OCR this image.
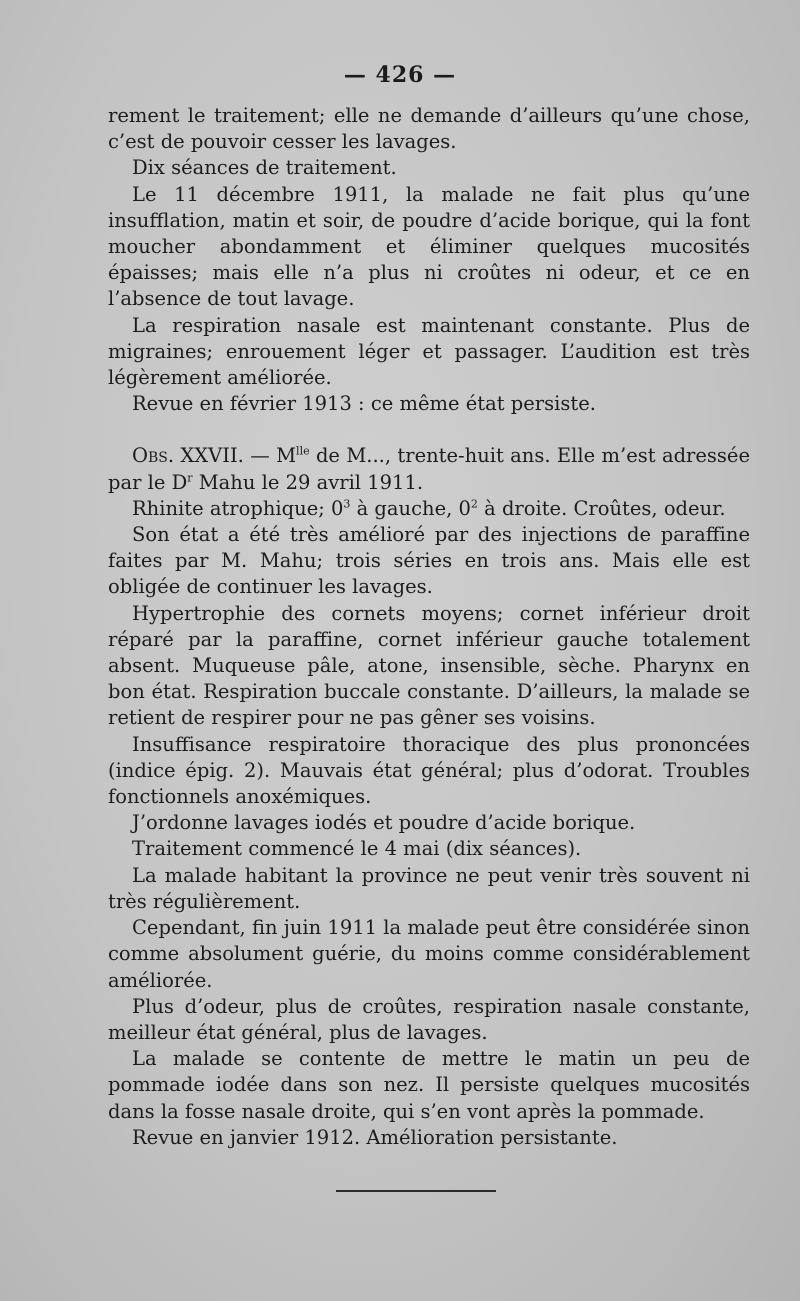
— 426 —

rement le traitement; elle ne demande d’ailleurs qu’une chose, c’est de pouvoir cesser les lavages.

Dix séances de traitement.

Le 11 décembre 1911, la malade ne fait plus qu’une insufflation, matin et soir, de poudre d’acide borique, qui la font moucher abondamment et éliminer quelques mucosités épaisses; mais elle n’a plus ni croûtes ni odeur, et ce en l’absence de tout lavage.

La respiration nasale est maintenant constante. Plus de migraines; enrouement léger et passager. L’audition est très légèrement améliorée.

Revue en février 1913 : ce même état persiste.

Obs. XXVII. — $M^{lle}$ de M..., trente-huit ans. Elle m’est adressée par le $D^r$ Mahu le 29 avril 1911.

Rhinite atrophique; $0^3$ à gauche, $0^2$ à droite. Croûtes, odeur.

Son état a été très amélioré par des injections de paraffine faites par M. Mahu; trois séries en trois ans. Mais elle est obligée de continuer les lavages.

Hypertrophie des cornets moyens; cornet inférieur droit réparé par la paraffine, cornet inférieur gauche totalement absent. Muqueuse pâle, atone, insensible, sèche. Pharynx en bon état. Respiration buccale constante. D’ailleurs, la malade se retient de respirer pour ne pas gêner ses voisins.

Insuffisance respiratoire thoracique des plus prononcées (indice épig. 2). Mauvais état général; plus d’odorat. Troubles fonctionnels anoxémiques.

J’ordonne lavages iodés et poudre d’acide borique.

Traitement commencé le 4 mai (dix séances).

La malade habitant la province ne peut venir très souvent ni très régulièrement.

Cependant, fin juin 1911 la malade peut être considérée sinon comme absolument guérie, du moins comme considérablement améliorée.

Plus d’odeur, plus de croûtes, respiration nasale constante, meilleur état général, plus de lavages.

La malade se contente de mettre le matin un peu de pommade iodée dans son nez. Il persiste quelques mucosités dans la fosse nasale droite, qui s’en vont après la pommade.

Revue en janvier 1912. Amélioration persistante.
